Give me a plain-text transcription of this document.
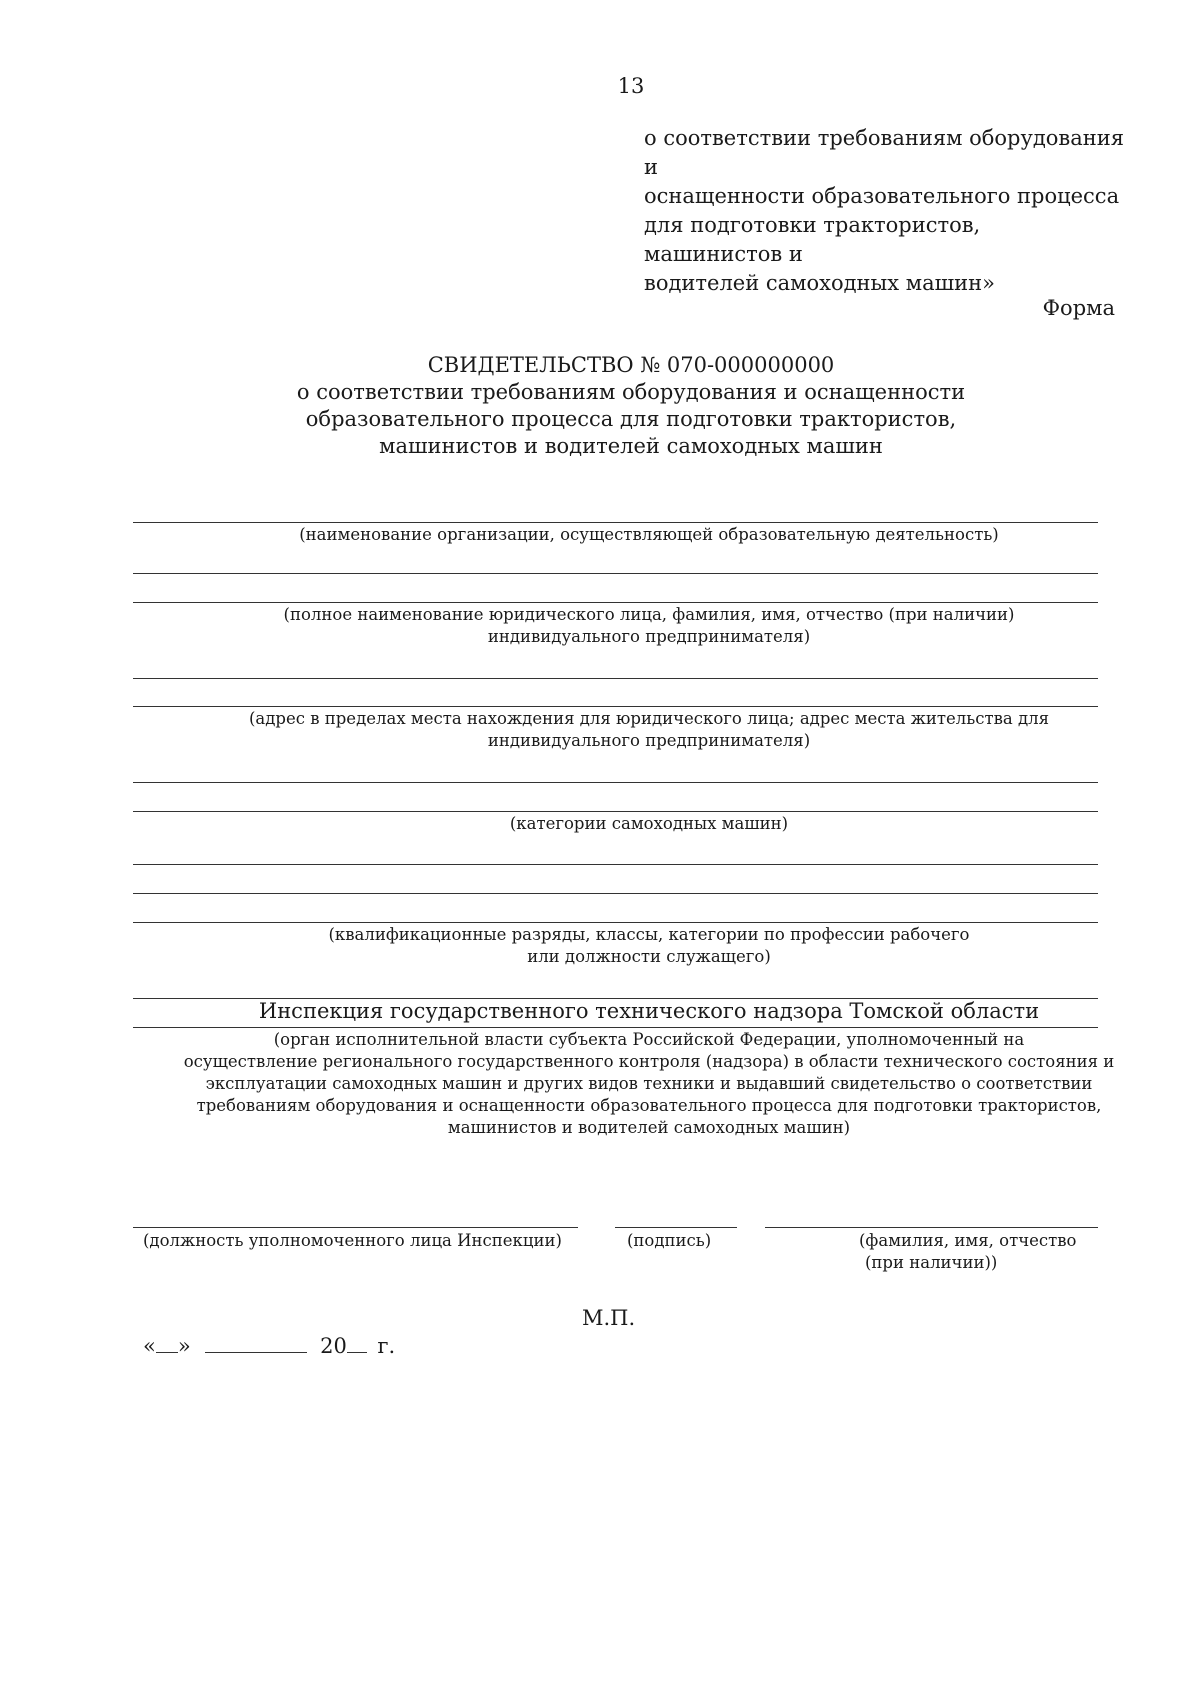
13
о соответствии требованиям оборудования и
оснащенности образовательного процесса
для подготовки трактористов, машинистов и
водителей самоходных машин»
Форма
СВИДЕТЕЛЬСТВО № 070-000000000
о соответствии требованиям оборудования и оснащенности
образовательного процесса для подготовки трактористов,
машинистов и водителей самоходных машин
(наименование организации, осуществляющей образовательную деятельность)
(полное наименование юридического лица, фамилия, имя, отчество (при наличии)
индивидуального предпринимателя)
(адрес в пределах места нахождения для юридического лица; адрес места жительства для
индивидуального предпринимателя)
(категории самоходных машин)
(квалификационные разряды, классы, категории по профессии рабочего
или должности служащего)
Инспекция государственного технического надзора Томской области
(орган исполнительной власти субъекта Российской Федерации, уполномоченный на
осуществление регионального государственного контроля (надзора) в области технического состояния и
эксплуатации самоходных машин и других видов техники и выдавший свидетельство о соответствии
требованиям оборудования и оснащенности образовательного процесса для подготовки трактористов,
машинистов и водителей самоходных машин)
(должность уполномоченного лица Инспекции)	(подпись)	(фамилия, имя, отчество
(при наличии))
М.П.
« »	20 г.
